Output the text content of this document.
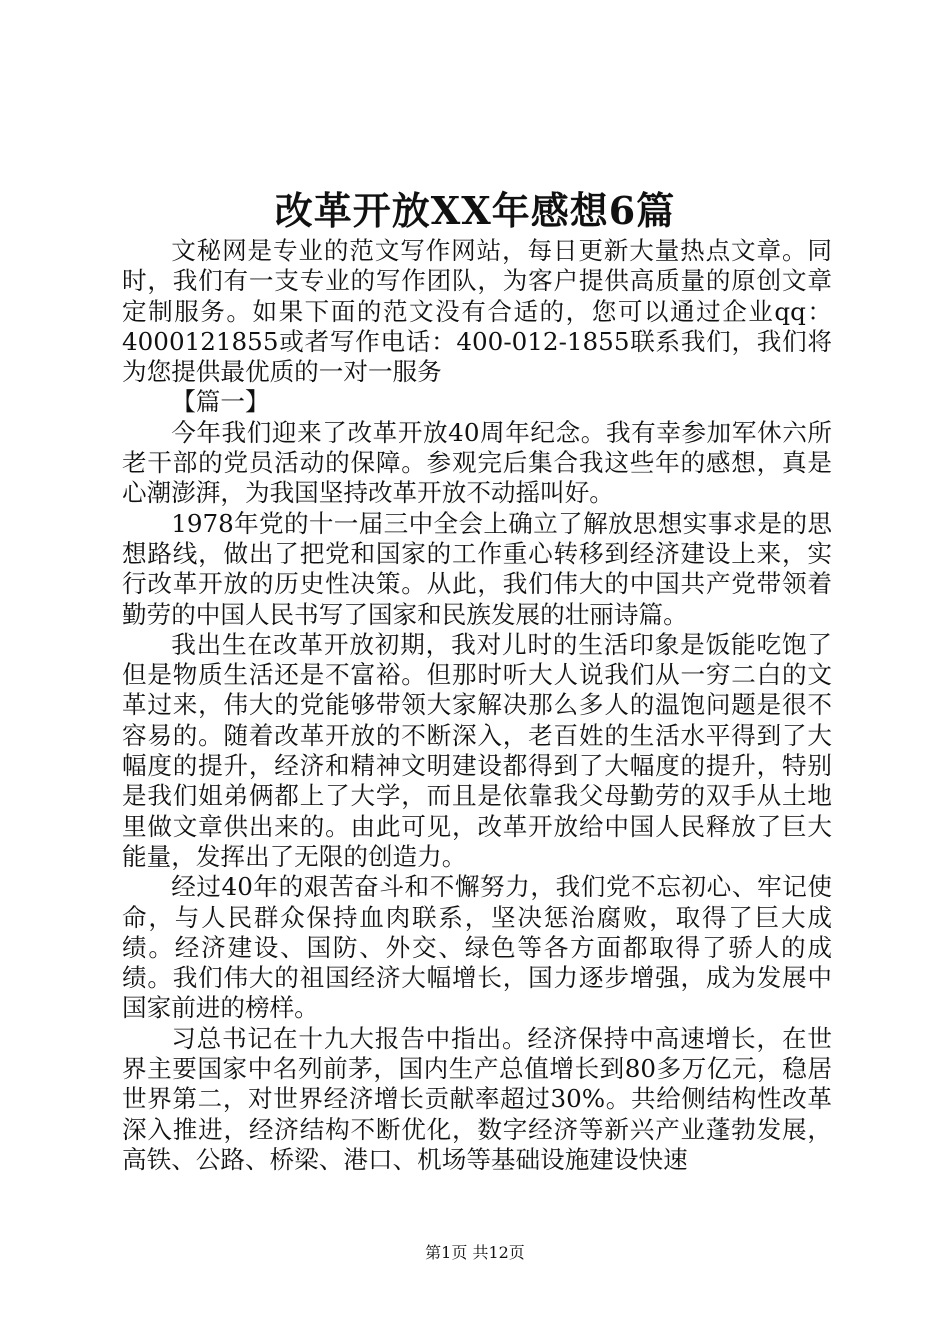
改革开放XX年感想6篇

文秘网是专业的范文写作网站，每日更新大量热点文章。同时，我们有一支专业的写作团队，为客户提供高质量的原创文章定制服务。如果下面的范文没有合适的，您可以通过企业qq：4000121855或者写作电话：400-012-1855联系我们，我们将为您提供最优质的一对一服务

【篇一】

今年我们迎来了改革开放40周年纪念。我有幸参加军休六所老干部的党员活动的保障。参观完后集合我这些年的感想，真是心潮澎湃，为我国坚持改革开放不动摇叫好。

1978年党的十一届三中全会上确立了解放思想实事求是的思想路线，做出了把党和国家的工作重心转移到经济建设上来，实行改革开放的历史性决策。从此，我们伟大的中国共产党带领着勤劳的中国人民书写了国家和民族发展的壮丽诗篇。

我出生在改革开放初期，我对儿时的生活印象是饭能吃饱了但是物质生活还是不富裕。但那时听大人说我们从一穷二白的文革过来，伟大的党能够带领大家解决那么多人的温饱问题是很不容易的。随着改革开放的不断深入，老百姓的生活水平得到了大幅度的提升，经济和精神文明建设都得到了大幅度的提升，特别是我们姐弟俩都上了大学，而且是依靠我父母勤劳的双手从土地里做文章供出来的。由此可见，改革开放给中国人民释放了巨大能量，发挥出了无限的创造力。

经过40年的艰苦奋斗和不懈努力，我们党不忘初心、牢记使命，与人民群众保持血肉联系，坚决惩治腐败，取得了巨大成绩。经济建设、国防、外交、绿色等各方面都取得了骄人的成绩。我们伟大的祖国经济大幅增长，国力逐步增强，成为发展中国家前进的榜样。

习总书记在十九大报告中指出。经济保持中高速增长，在世界主要国家中名列前茅，国内生产总值增长到80多万亿元，稳居世界第二，对世界经济增长贡献率超过30%。共给侧结构性改革深入推进，经济结构不断优化，数字经济等新兴产业蓬勃发展，高铁、公路、桥梁、港口、机场等基础设施建设快速

第1页 共12页
